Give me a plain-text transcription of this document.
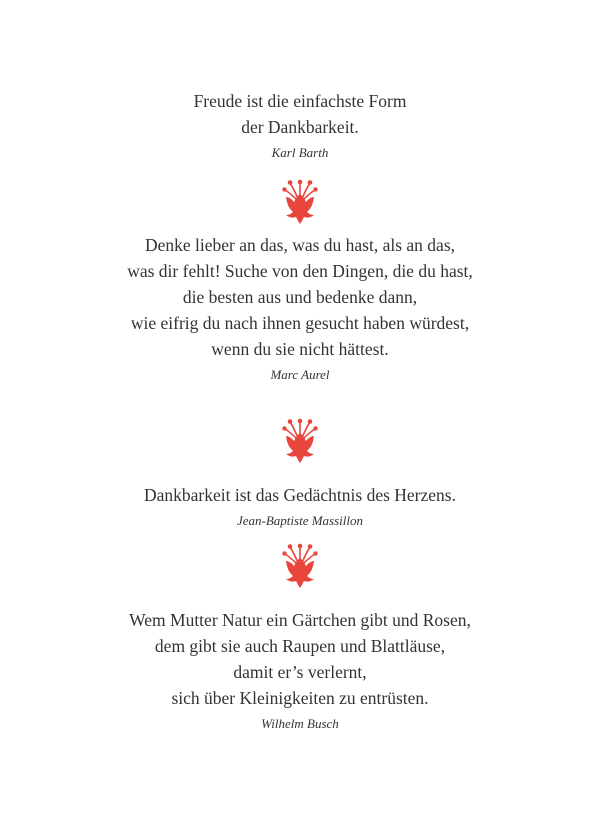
Freude ist die einfachste Form
der Dankbarkeit.
Karl Barth
Denke lieber an das, was du hast, als an das,
was dir fehlt! Suche von den Dingen, die du hast,
die besten aus und bedenke dann,
wie eifrig du nach ihnen gesucht haben würdest,
wenn du sie nicht hättest.
Marc Aurel
Dankbarkeit ist das Gedächtnis des Herzens.
Jean-Baptiste Massillon
Wem Mutter Natur ein Gärtchen gibt und Rosen,
dem gibt sie auch Raupen und Blattläuse,
damit er’s verlernt,
sich über Kleinigkeiten zu entrüsten.
Wilhelm Busch
